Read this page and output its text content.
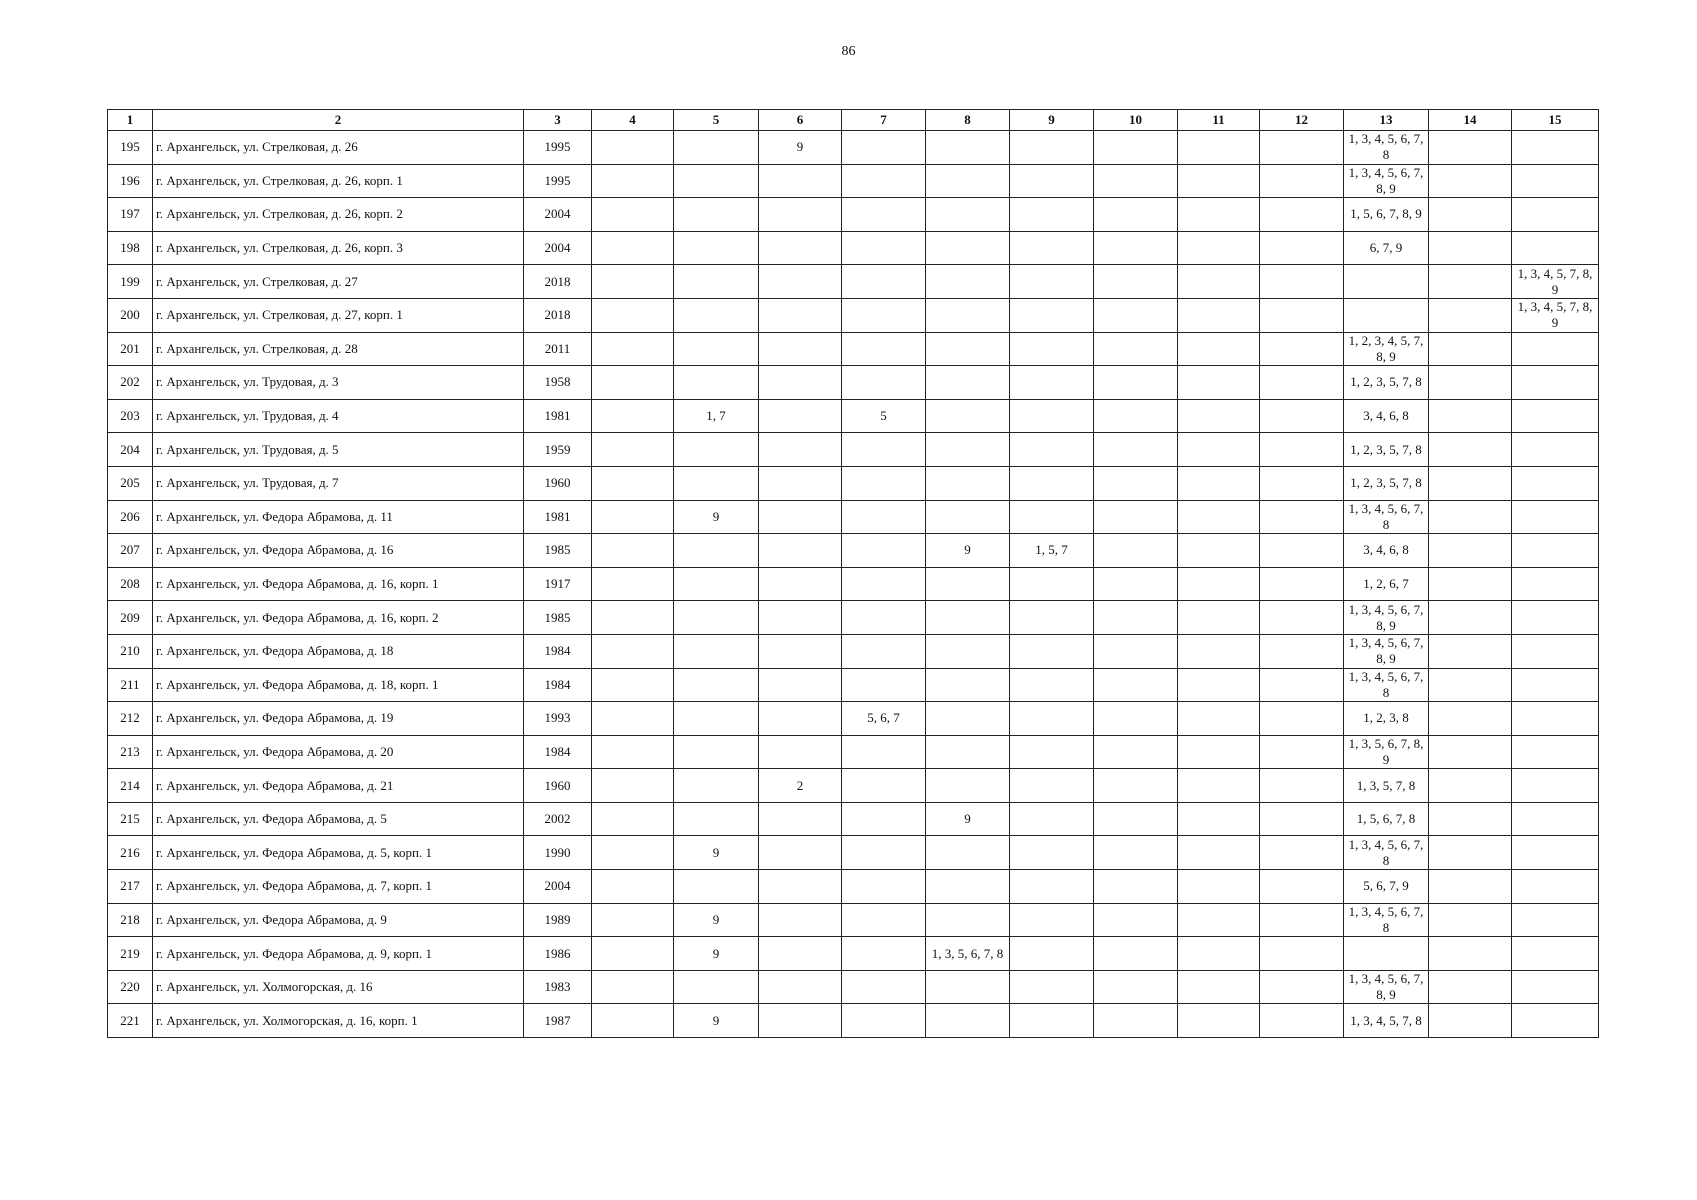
86
1	2	3	4	5	6	7	8	9	10	11	12	13	14	15
195	г. Архангельск, ул. Стрелковая, д. 26	1995			9							1, 3, 4, 5, 6, 7, 8		
196	г. Архангельск, ул. Стрелковая, д. 26, корп. 1	1995										1, 3, 4, 5, 6, 7, 8, 9		
197	г. Архангельск, ул. Стрелковая, д. 26, корп. 2	2004										1, 5, 6, 7, 8, 9		
198	г. Архангельск, ул. Стрелковая, д. 26, корп. 3	2004										6, 7, 9		
199	г. Архангельск, ул. Стрелковая, д. 27	2018												1, 3, 4, 5, 7, 8, 9
200	г. Архангельск, ул. Стрелковая, д. 27, корп. 1	2018												1, 3, 4, 5, 7, 8, 9
201	г. Архангельск, ул. Стрелковая, д. 28	2011										1, 2, 3, 4, 5, 7, 8, 9		
202	г. Архангельск, ул. Трудовая, д. 3	1958										1, 2, 3, 5, 7, 8		
203	г. Архангельск, ул. Трудовая, д. 4	1981		1, 7		5						3, 4, 6, 8		
204	г. Архангельск, ул. Трудовая, д. 5	1959										1, 2, 3, 5, 7, 8		
205	г. Архангельск, ул. Трудовая, д. 7	1960										1, 2, 3, 5, 7, 8		
206	г. Архангельск, ул. Федора Абрамова, д. 11	1981		9								1, 3, 4, 5, 6, 7, 8		
207	г. Архангельск, ул. Федора Абрамова, д. 16	1985					9	1, 5, 7				3, 4, 6, 8		
208	г. Архангельск, ул. Федора Абрамова, д. 16, корп. 1	1917										1, 2, 6, 7		
209	г. Архангельск, ул. Федора Абрамова, д. 16, корп. 2	1985										1, 3, 4, 5, 6, 7, 8, 9		
210	г. Архангельск, ул. Федора Абрамова, д. 18	1984										1, 3, 4, 5, 6, 7, 8, 9		
211	г. Архангельск, ул. Федора Абрамова, д. 18, корп. 1	1984										1, 3, 4, 5, 6, 7, 8		
212	г. Архангельск, ул. Федора Абрамова, д. 19	1993				5, 6, 7						1, 2, 3, 8		
213	г. Архангельск, ул. Федора Абрамова, д. 20	1984										1, 3, 5, 6, 7, 8, 9		
214	г. Архангельск, ул. Федора Абрамова, д. 21	1960			2							1, 3, 5, 7, 8		
215	г. Архангельск, ул. Федора Абрамова, д. 5	2002					9					1, 5, 6, 7, 8		
216	г. Архангельск, ул. Федора Абрамова, д. 5, корп. 1	1990		9								1, 3, 4, 5, 6, 7, 8		
217	г. Архангельск, ул. Федора Абрамова, д. 7, корп. 1	2004										5, 6, 7, 9		
218	г. Архангельск, ул. Федора Абрамова, д. 9	1989		9								1, 3, 4, 5, 6, 7, 8		
219	г. Архангельск, ул. Федора Абрамова, д. 9, корп. 1	1986		9			1, 3, 5, 6, 7, 8							
220	г. Архангельск, ул. Холмогорская, д. 16	1983										1, 3, 4, 5, 6, 7, 8, 9		
221	г. Архангельск, ул. Холмогорская, д. 16, корп. 1	1987		9								1, 3, 4, 5, 7, 8		
